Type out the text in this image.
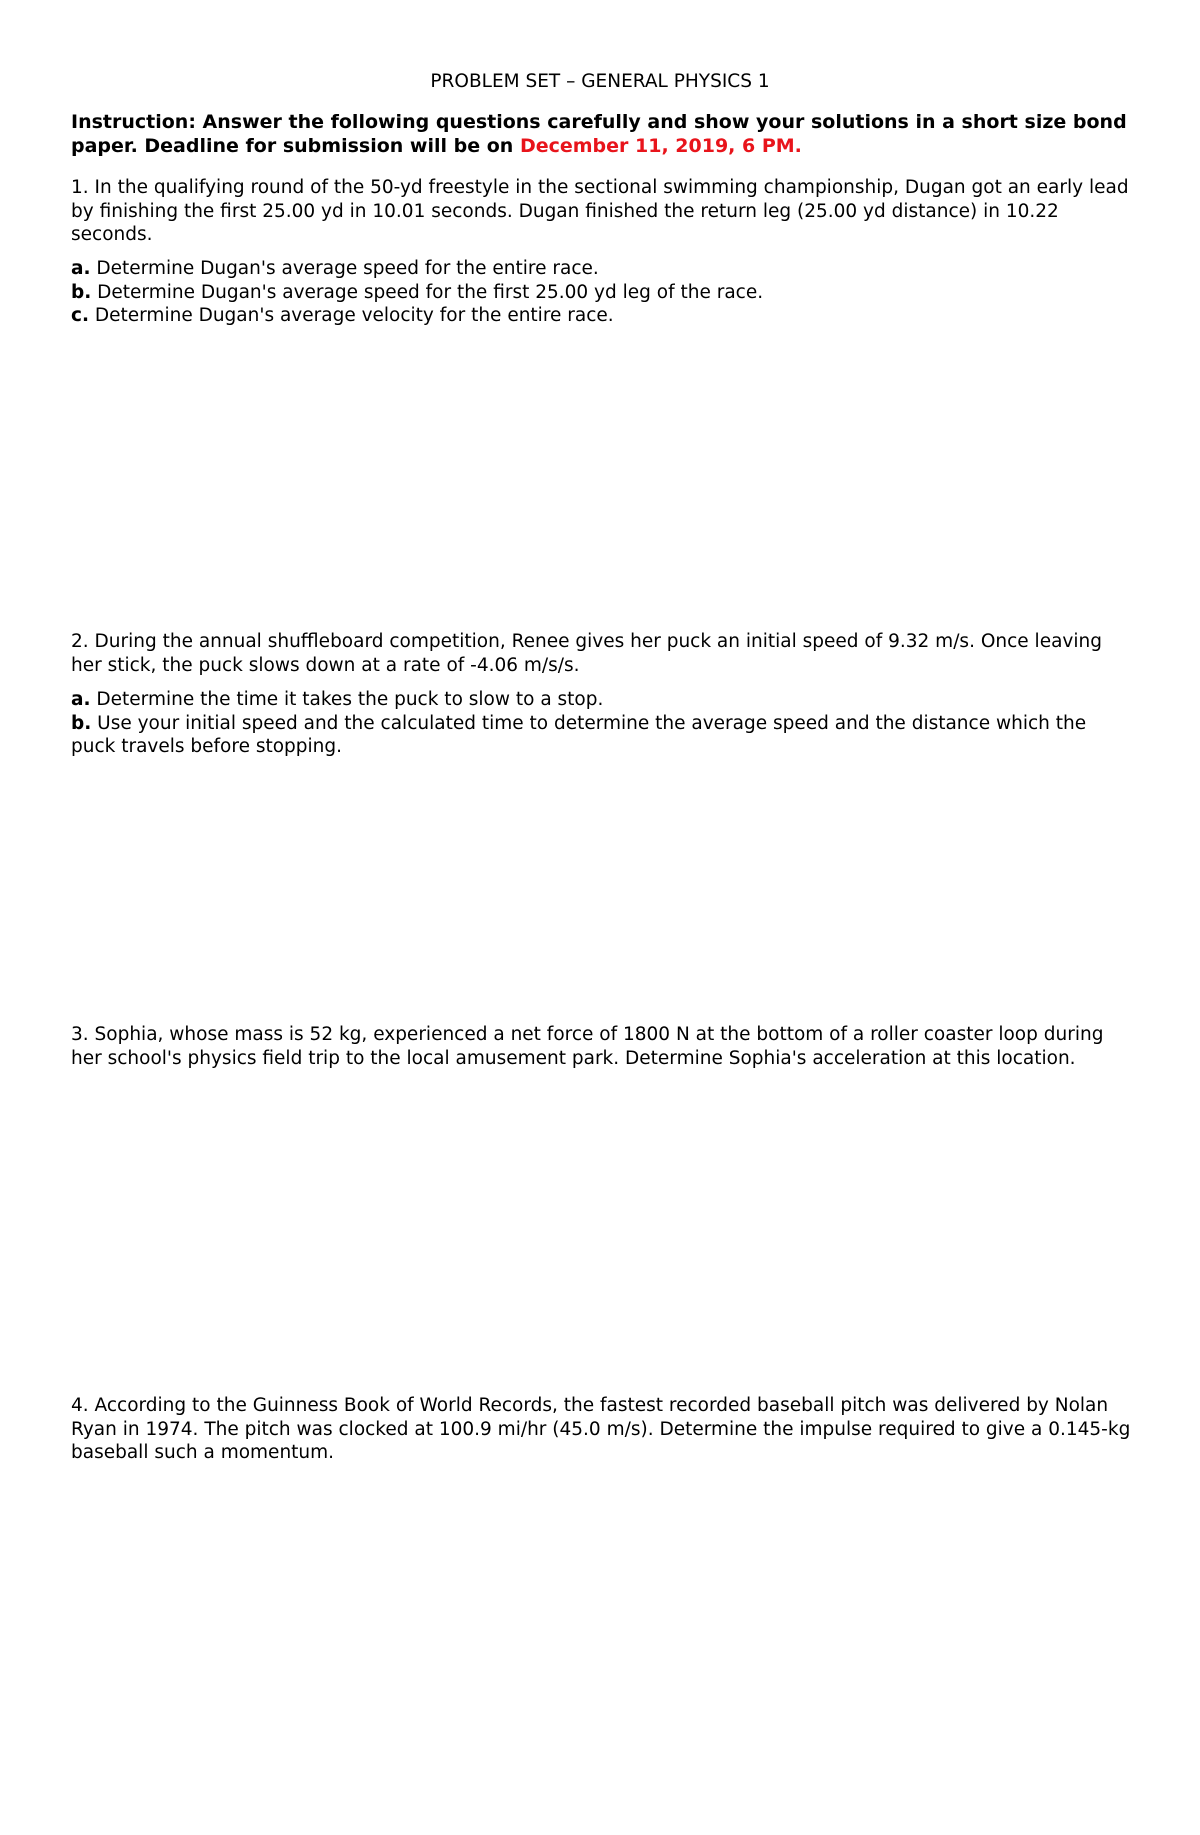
PROBLEM SET – GENERAL PHYSICS 1
Instruction: Answer the following questions carefully and show your solutions in a short size bond paper. Deadline for submission will be on December 11, 2019, 6 PM.
1. In the qualifying round of the 50-yd freestyle in the sectional swimming championship, Dugan got an early lead by finishing the first 25.00 yd in 10.01 seconds. Dugan finished the return leg (25.00 yd distance) in 10.22 seconds.
a. Determine Dugan's average speed for the entire race.
b. Determine Dugan's average speed for the first 25.00 yd leg of the race.
c. Determine Dugan's average velocity for the entire race.
2. During the annual shuffleboard competition, Renee gives her puck an initial speed of 9.32 m/s. Once leaving her stick, the puck slows down at a rate of -4.06 m/s/s.
a. Determine the time it takes the puck to slow to a stop.
b. Use your initial speed and the calculated time to determine the average speed and the distance which the puck travels before stopping.
3. Sophia, whose mass is 52 kg, experienced a net force of 1800 N at the bottom of a roller coaster loop during her school's physics field trip to the local amusement park. Determine Sophia's acceleration at this location.
4. According to the Guinness Book of World Records, the fastest recorded baseball pitch was delivered by Nolan Ryan in 1974. The pitch was clocked at 100.9 mi/hr (45.0 m/s). Determine the impulse required to give a 0.145-kg baseball such a momentum.
